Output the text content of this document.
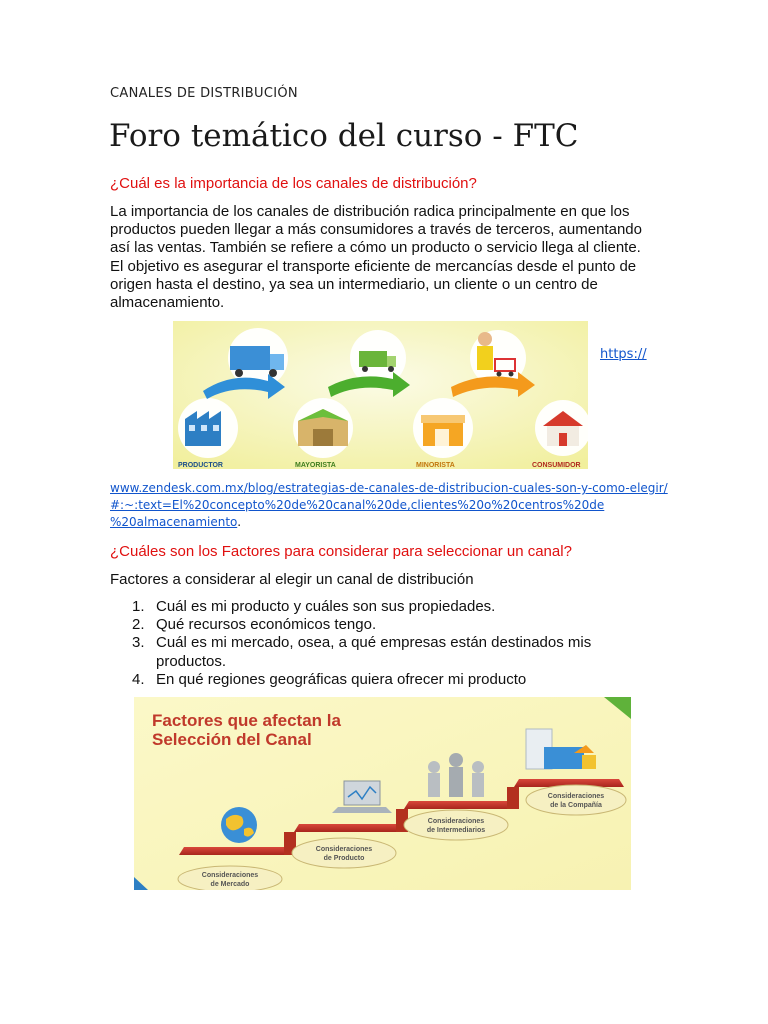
CANALES DE DISTRIBUCIÓN
Foro temático del curso - FTC
¿Cuál es la importancia de los canales de distribución?

La importancia de los canales de distribución radica principalmente en que los productos pueden llegar a más consumidores a través de terceros, aumentando así las ventas. También se refiere a cómo un producto o servicio llega al cliente. El objetivo es asegurar el transporte eficiente de mercancías desde el punto de origen hasta el destino, ya sea un intermediario, un cliente o un centro de almacenamiento.

PRODUCTOR	MAYORISTA	MINORISTA	CONSUMIDOR
https://
www.zendesk.com.mx/blog/estrategias-de-canales-de-distribucion-cuales-son-y-como-elegir/
#:~:text=El%20concepto%20de%20canal%20de,clientes%20o%20centros%20de
%20almacenamiento.
¿Cuáles son los Factores para considerar para seleccionar un canal?
Factores a considerar al elegir un canal de distribución
1. Cuál es mi producto y cuáles son sus propiedades.
2. Qué recursos económicos tengo.
3. Cuál es mi mercado, osea, a qué empresas están destinados mis productos.
4. En qué regiones geográficas quiera ofrecer mi producto
Factores que afectan la
Selección del Canal
Consideraciones
de Mercado
Consideraciones
de Producto
Consideraciones
de Intermediarios
Consideraciones
de la Compañía
